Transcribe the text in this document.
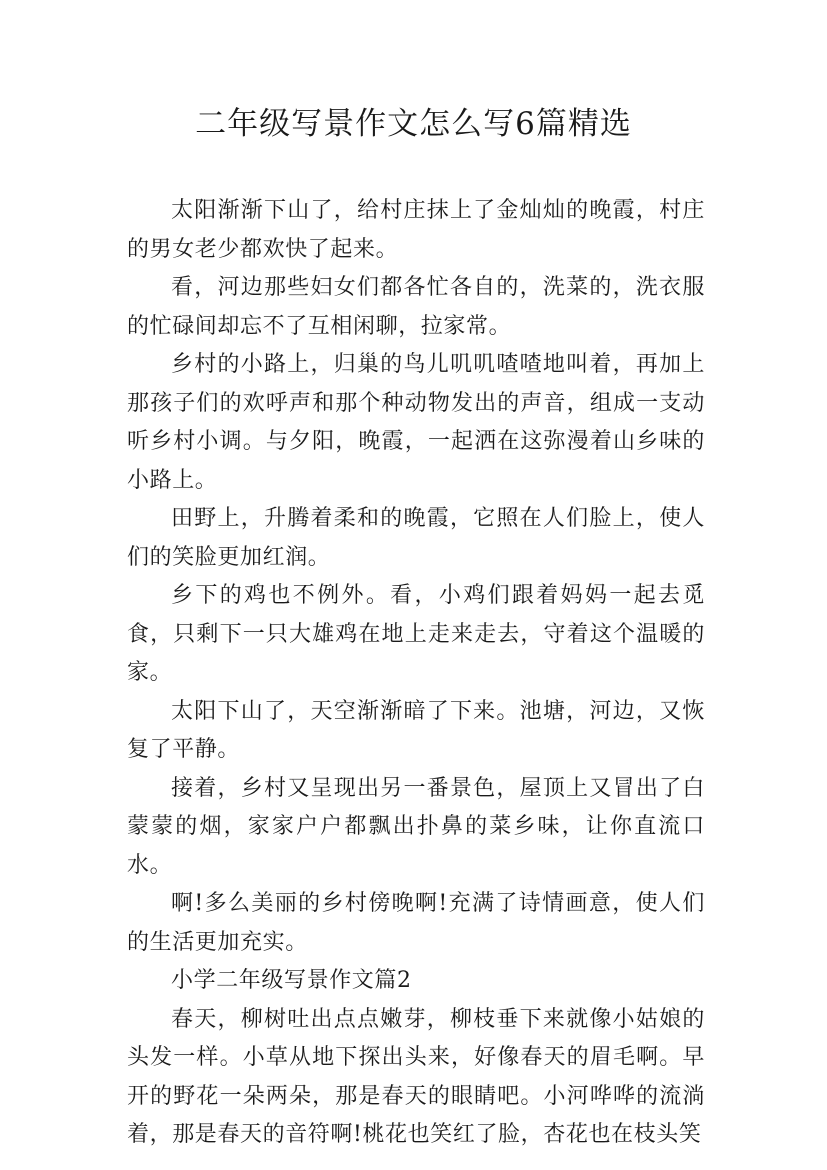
二年级写景作文怎么写6篇精选

太阳渐渐下山了，给村庄抹上了金灿灿的晚霞，村庄的男女老少都欢快了起来。

看，河边那些妇女们都各忙各自的，洗菜的，洗衣服的忙碌间却忘不了互相闲聊，拉家常。

乡村的小路上，归巢的鸟儿叽叽喳喳地叫着，再加上那孩子们的欢呼声和那个种动物发出的声音，组成一支动听乡村小调。与夕阳，晚霞，一起洒在这弥漫着山乡味的小路上。

田野上，升腾着柔和的晚霞，它照在人们脸上，使人们的笑脸更加红润。

乡下的鸡也不例外。看，小鸡们跟着妈妈一起去觅食，只剩下一只大雄鸡在地上走来走去，守着这个温暖的家。

太阳下山了，天空渐渐暗了下来。池塘，河边，又恢复了平静。

接着，乡村又呈现出另一番景色，屋顶上又冒出了白蒙蒙的烟，家家户户都飘出扑鼻的菜乡味，让你直流口水。

啊!多么美丽的乡村傍晚啊!充满了诗情画意，使人们的生活更加充实。

小学二年级写景作文篇2

春天，柳树吐出点点嫩芽，柳枝垂下来就像小姑娘的头发一样。小草从地下探出头来，好像春天的眉毛啊。早开的野花一朵两朵，那是春天的眼睛吧。小河哗哗的流淌着，那是春天的音符啊!桃花也笑红了脸，杏花也在枝头笑
